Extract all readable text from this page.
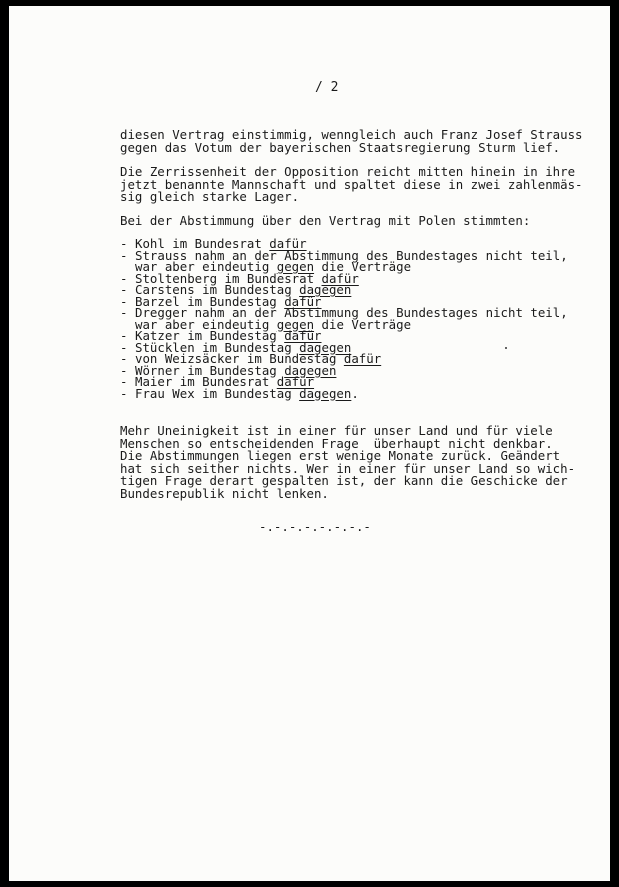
/ 2
diesen Vertrag einstimmig, wenngleich auch Franz Josef Strauss
gegen das Votum der bayerischen Staatsregierung Sturm lief.
Die Zerrissenheit der Opposition reicht mitten hinein in ihre
jetzt benannte Mannschaft und spaltet diese in zwei zahlenmäs-
sig gleich starke Lager.
Bei der Abstimmung über den Vertrag mit Polen stimmten:
- Kohl im Bundesrat dafür
- Strauss nahm an der Abstimmung des Bundestages nicht teil,
war aber eindeutig gegen die Verträge
- Stoltenberg im Bundesrat dafür
- Carstens im Bundestag dagegen
- Barzel im Bundestag dafür
- Dregger nahm an der Abstimmung des Bundestages nicht teil,
war aber eindeutig gegen die Verträge
- Katzer im Bundestag dafür
- Stücklen im Bundestag dagegen
- von Weizsäcker im Bundestag dafür
- Wörner im Bundestag dagegen
- Maier im Bundesrat dafür
- Frau Wex im Bundestag dagegen.
Mehr Uneinigkeit ist in einer für unser Land und für viele
Menschen so entscheidenden Frage  überhaupt nicht denkbar.
Die Abstimmungen liegen erst wenige Monate zurück. Geändert
hat sich seither nichts. Wer in einer für unser Land so wich-
tigen Frage derart gespalten ist, der kann die Geschicke der
Bundesrepublik nicht lenken.
-.-.-.-.-.-.-.-
